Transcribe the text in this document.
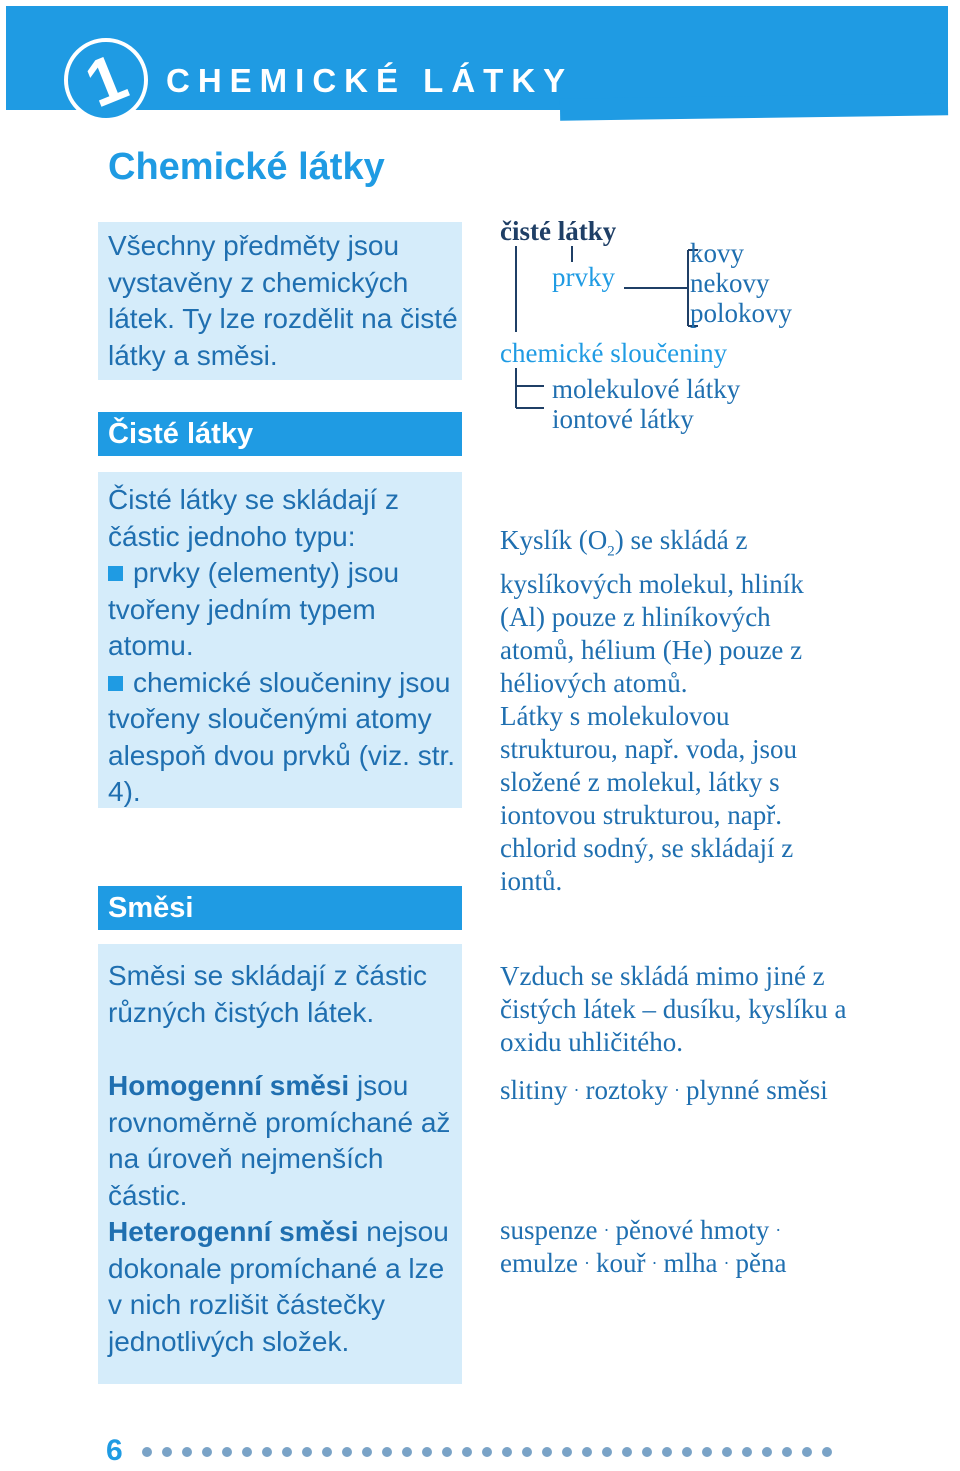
1 CHEMICKÉ LÁTKY
Chemické látky
Všechny předměty jsou vystavěny z chemických látek. Ty lze rozdělit na čisté látky a směsi.
Čisté látky

Čisté látky se skládají z částic jednoho typu:

prvky (elementy) jsou tvořeny jedním typem atomu.

chemické sloučeniny jsou tvořeny sloučenými atomy alespoň dvou prvků (viz. str. 4).

Směsi
Směsi se skládají z částic různých čistých látek.
Homogenní směsi jsou rovnoměrně promíchané až na úroveň nejmenších částic.
Heterogenní směsi nejsou dokonale promíchané a lze v nich rozlišit částečky jednotlivých složek.
čisté látky
prvky
kovy
nekovy
polokovy
chemické sloučeniny
molekulové látky
iontové látky

Kyslík $(O_2)$ se skládá z kyslíkových molekul, hliník (Al) pouze z hliníkových atomů, hélium (He) pouze z héliových atomů.

Látky s molekulovou strukturou, např. voda, jsou složené z molekul, látky s iontovou strukturou, např. chlorid sodný, se skládají z iontů.

Vzduch se skládá mimo jiné z čistých látek – dusíku, kyslíku a oxidu uhličitého.
slitiny · roztoky · plynné směsi
suspenze · pěnové hmoty ·
emulze · kouř · mlha · pěna
6
